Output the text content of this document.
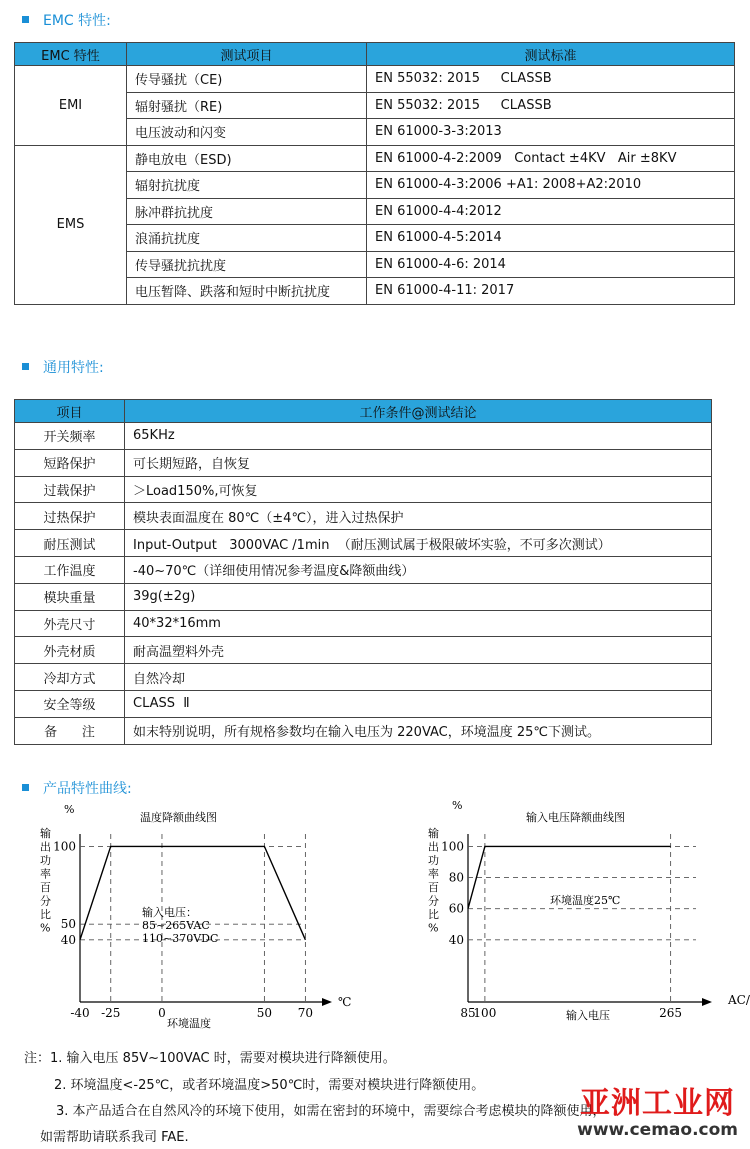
EMC 特性:
EMC 特性	测试项目	测试标准
EMI	传导骚扰（CE)	EN 55032: 2015     CLASSB
	辐射骚扰（RE)	EN 55032: 2015     CLASSB
	电压波动和闪变	EN 61000-3-3:2013
EMS	静电放电（ESD)	EN 61000-4-2:2009   Contact ±4KV   Air ±8KV
	辐射抗扰度	EN 61000-4-3:2006 +A1: 2008+A2:2010
	脉冲群抗扰度	EN 61000-4-4:2012
	浪涌抗扰度	EN 61000-4-5:2014
	传导骚扰抗扰度	EN 61000-4-6: 2014
	电压暂降、跌落和短时中断抗扰度	EN 61000-4-11: 2017
通用特性:
项目	工作条件@测试结论
开关频率	65KHz
短路保护	可长期短路，自恢复
过载保护	＞Load150%,可恢复
过热保护	模块表面温度在 80℃（±4℃），进入过热保护
耐压测试	Input-Output   3000VAC /1min  （耐压测试属于极限破坏实验，不可多次测试）
工作温度	-40~70℃（详细使用情况参考温度&降额曲线）
模块重量	39g(±2g)
外壳尺寸	40*32*16mm
外壳材质	耐高温塑料外壳
冷却方式	自然冷却
安全等级	CLASS  Ⅱ
备      注	如末特别说明，所有规格参数均在输入电压为 220VAC，环境温度 25℃下测试。
产品特性曲线:
%
温度降额曲线图
℃
环境温度
输出功率百分比%
输入电压：
85~265VAC
110~370VDC
40
50
100
-40 -25	0	50 70
%
输入电压降额曲线图
AC/
输入电压
输出功率百分比%
环境温度25℃
40
60
80
100
85
100	265
注：1. 输入电压 85V~100VAC 时，需要对模块进行降额使用。
2. 环境温度<-25℃，或者环境温度>50℃时，需要对模块进行降额使用。
3. 本产品适合在自然风冷的环境下使用，如需在密封的环境中，需要综合考虑模块的降额使用，
如需帮助请联系我司 FAE.
亚洲工业网
www.cemao.com
